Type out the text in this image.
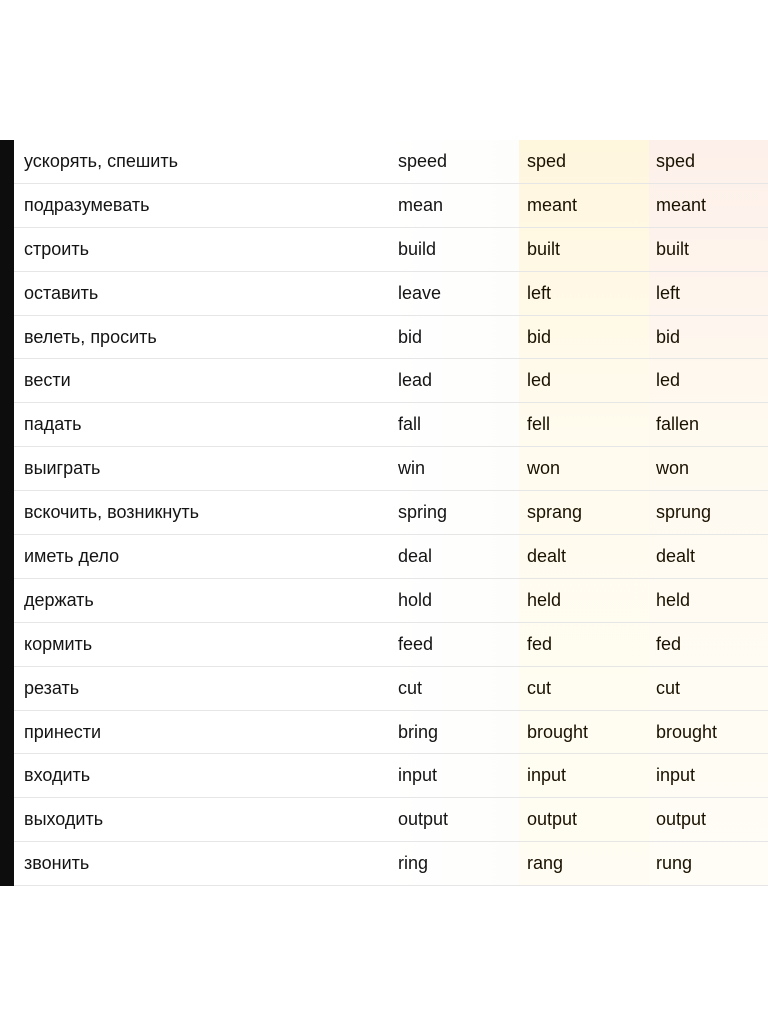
ускорять, спешить	speed	sped	sped
подразумевать	mean	meant	meant
строить	build	built	built
оставить	leave	left	left
велеть, просить	bid	bid	bid
вести	lead	led	led
падать	fall	fell	fallen
выиграть	win	won	won
вскочить, возникнуть	spring	sprang	sprung
иметь дело	deal	dealt	dealt
держать	hold	held	held
кормить	feed	fed	fed
резать	cut	cut	cut
принести	bring	brought	brought
входить	input	input	input
выходить	output	output	output
звонить	ring	rang	rung
